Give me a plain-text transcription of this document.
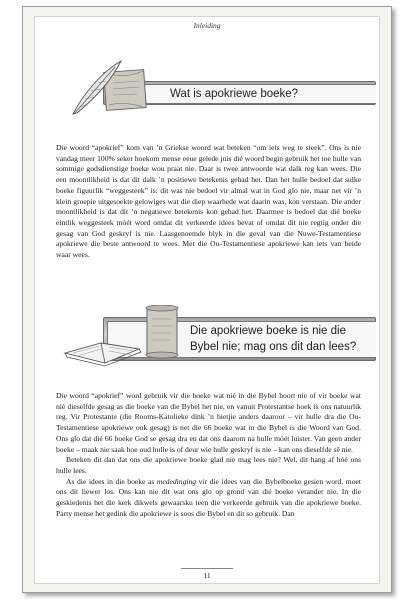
Inleiding
Wat is apokriewe boeke?

Die woord “apokrief” kom van ’n Griekse woord wat beteken “om iets weg te steek”. Ons is nie vandag meer 100% seker hoekom mense eeue gelede juis dié woord begin gebruik het toe hulle van sommige godsdienstige boeke wou praat nie. Daar is twee antwoorde wat dalk reg kan wees. Die een moontlikheid is dat dit dalk ’n positiewe betekenis gehad het. Dan het hulle bedoel dat sulke boeke figuurlik “weggesteek” is: dit was nie bedoel vir almal wat in God glo nie, maar net vir ’n klein groepie uitgesoekte gelowiges wat die diep waarhede wat daarin was, kon verstaan. Die ander moontlikheid is dat dit ’n negatiewe betekenis kon gehad het. Daarmee is bedoel dat dié boeke eintlik weggesteek móét word omdat dit verkeerde idees bevat of omdat dit nie regtig onder die gesag van God geskryf is nie. Laasgenoemde blyk in die geval van die Nuwe-Testamentiese apokriewe die beste antwoord te wees. Met die Ou-Testamentiese apokriewe kan iets van beide waar wees.

Die apokriewe boeke is nie die
Bybel nie; mag ons dit dan lees?

Die woord “apokrief” word gebruik vir die boeke wat nié in die Bybel hoort nie of vir boeke wat nié dieselfde gesag as die boeke van die Bybel het nie, en vanuit Protestantse hoek is ons natuurlik reg. Vir Protestante (die Rooms-Katolieke dink ’n bietjie anders daaroor – vir hulle dra die Ou-Testamentiese apokriewe ook gesag) is net die 66 boeke wat in die Bybel is die Woord van God. Ons glo dat dié 66 boeke God se gesag dra en dat ons daarom na hulle móét luister. Van geen ander boeke – maak nie saak hoe oud hulle is of deur wie hulle geskryf is nie – kan ons dieselfde sê nie.

Beteken dit dan dat ons die apokriewe boeke glad nie mag lees nie? Wel, dit hang af hóé ons hulle lees.

As die idees in die boeke as mededinging vir die idees van die Bybelboeke gesien word, moet ons dit liewer los. Ons kan nie dit wat ons glo op grond van dié boeke verander nie. In die geskiedenis het die kerk dikwels gewaarsku teen die verkeerde gebruik van die apokriewe boeke. Party mense het gedink die apokriewe is soos die Bybel en dit so gebruik. Dan

11
